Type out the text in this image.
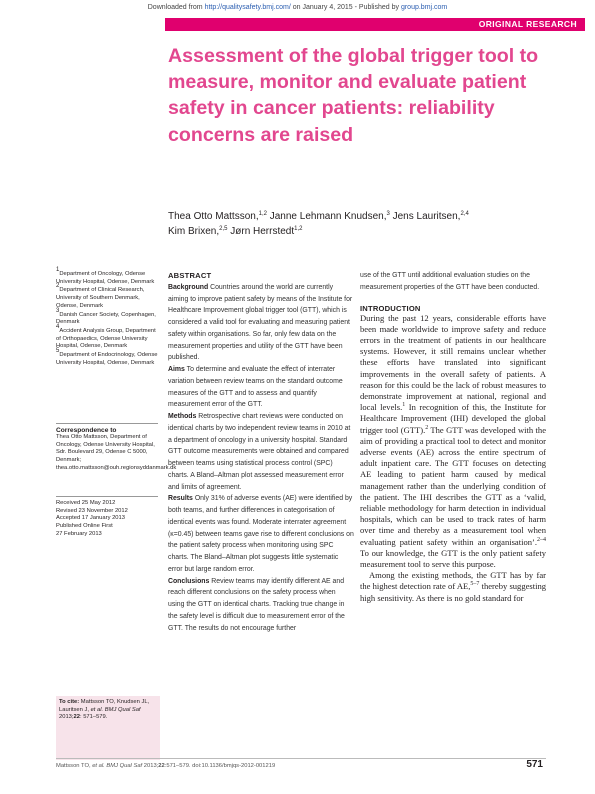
Downloaded from http://qualitysafety.bmj.com/ on January 4, 2015 - Published by group.bmj.com
ORIGINAL RESEARCH
Assessment of the global trigger tool to measure, monitor and evaluate patient safety in cancer patients: reliability concerns are raised
Thea Otto Mattsson,$^{1,2}$ Janne Lehmann Knudsen,$^3$ Jens Lauritsen,$^{2,4}$
Kim Brixen,$^{2,5}$ Jørn Herrstedt$^{1,2}$
1Department of Oncology, Odense University Hospital, Odense, Denmark
2Department of Clinical Research, University of Southern Denmark, Odense, Denmark
3Danish Cancer Society, Copenhagen, Denmark
4Accident Analysis Group, Department of Orthopaedics, Odense University Hospital, Odense, Denmark
5Department of Endocrinology, Odense University Hospital, Odense, Denmark
Correspondence to
Thea Otto Mattsson, Department of Oncology, Odense University Hospital, Sdr. Boulevard 29, Odense C 5000, Denmark; thea.otto.mattsson@ouh.regionsyddanmark.dk
Received 25 May 2012
Revised 23 November 2012
Accepted 17 January 2013
Published Online First
27 February 2013
To cite: Mattsson TO, Knudsen JL, Lauritsen J, et al. BMJ Qual Saf 2013;22: 571–579.
ABSTRACT

Background Countries around the world are currently aiming to improve patient safety by means of the Institute for Healthcare Improvement global trigger tool (GTT), which is considered a valid tool for evaluating and measuring patient safety within organisations. So far, only few data on the measurement properties and utility of the GTT have been published.

Aims To determine and evaluate the effect of interrater variation between review teams on the standard outcome measures of the GTT and to assess and quantify measurement error of the GTT.

Methods Retrospective chart reviews were conducted on identical charts by two independent review teams in 2010 at a department of oncology in a university hospital. Standard GTT outcome measurements were obtained and compared between teams using statistical process control (SPC) charts. A Bland–Altman plot assessed measurement error and limits of agreement.

Results Only 31% of adverse events (AE) were identified by both teams, and further differences in categorisation of identical events was found. Moderate interrater agreement (κ=0.45) between teams gave rise to different conclusions on the patient safety process when monitoring using SPC charts. The Bland–Altman plot suggests little systematic error but large random error.

Conclusions Review teams may identify different AE and reach different conclusions on the safety process when using the GTT on identical charts. Tracking true change in the safety level is difficult due to measurement error of the GTT. The results do not encourage further

use of the GTT until additional evaluation studies on the measurement properties of the GTT have been conducted.

INTRODUCTION

During the past 12 years, considerable efforts have been made worldwide to improve safety and reduce errors in the treatment of patients in our healthcare systems. However, it still remains unclear whether these efforts have translated into significant improvements in the overall safety of patients. A reason for this could be the lack of robust measures to demonstrate improvement at national, regional and local levels.$^1$ In recognition of this, the Institute for Healthcare Improvement (IHI) developed the global trigger tool (GTT).$^2$ The GTT was developed with the aim of providing a practical tool to detect and monitor adverse events (AE) across the entire spectrum of adult inpatient care. The GTT focuses on detecting AE leading to patient harm caused by medical management rather than the underlying condition of the patient. The IHI describes the GTT as a ‘valid, reliable methodology for harm detection in individual hospitals, which can be used to track rates of harm over time and thereby as a measurement tool when evaluating patient safety within an organisation’.$^{2-4}$ To our knowledge, the GTT is the only patient safety measurement tool to serve this purpose.

Among the existing methods, the GTT has by far the highest detection rate of AE,$^{5-7}$ thereby suggesting high sensitivity. As there is no gold standard for

Mattsson TO, et al. BMJ Qual Saf 2013;22:571–579. doi:10.1136/bmjqs-2012-001219	571
